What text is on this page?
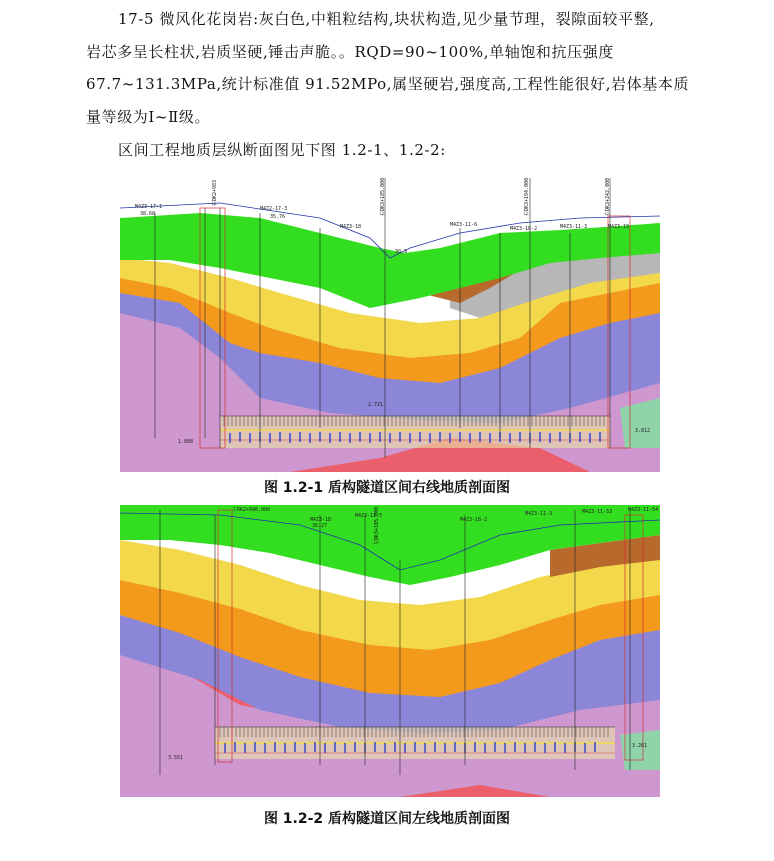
17-5 微风化花岗岩:灰白色,中粗粒结构,块状构造,见少量节理，裂隙面较平整,
岩芯多呈长柱状,岩质坚硬,锤击声脆。。RQD=90~100%,单轴饱和抗压强度
67.7~131.3MPa,统计标准值 91.52MPo,属坚硬岩,强度高,工程性能很好,岩体基本质
量等级为Ⅰ~Ⅱ级。
区间工程地质层纵断面图见下图 1.2-1、1.2-2:
右DK2+983	右DK3+185.000	右DK3+194.000	右DK3+242.000
M4Z3-17-1	M4Z2-17-3
M4Z3-18	M4Z3-11-6
M4Z3-18-2	M4Z3-11-3	M4Z3-19
38.68	35.76
30.9
2.721
1.808
3.812
图 1.2-1 盾构隧道区间右线地质剖面图
左DK2+990.000	左DK3+185.000
M4Z3-18
M4Z3-11-5
M4Z3-18-2
M4Z3-11-3	M4Z3-11-53	M4Z3-11-54
36.27
3.551
3.261
图 1.2-2 盾构隧道区间左线地质剖面图
